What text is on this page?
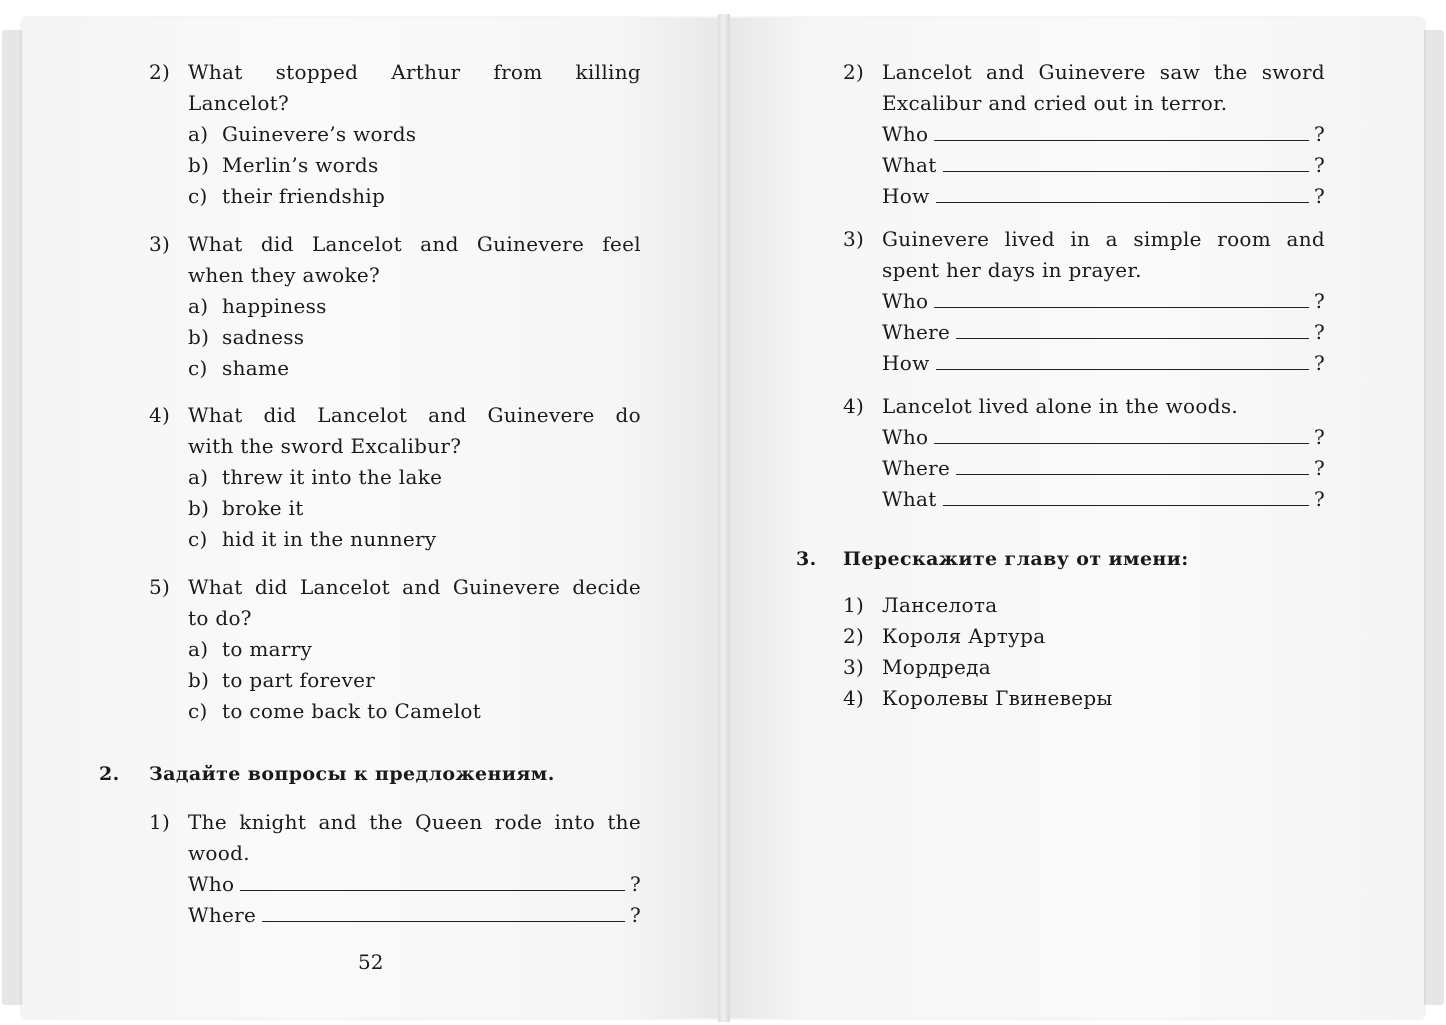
2) What stopped Arthur from killing
Lancelot?
a) Guinevere’s words
b) Merlin’s words
c) their friendship
3) What did Lancelot and Guinevere feel
when they awoke?
a) happiness
b) sadness
c) shame
4) What did Lancelot and Guinevere do
with the sword Excalibur?
a) threw it into the lake
b) broke it
c) hid it in the nunnery
5) What did Lancelot and Guinevere decide
to do?
a) to marry
b) to part forever
c) to come back to Camelot
2. Задайте вопросы к предложениям.
1) The knight and the Queen rode into the
wood.
Who	?
Where	?
52
2) Lancelot and Guinevere saw the sword
Excalibur and cried out in terror.
Who	?
What	?
How	?
3) Guinevere lived in a simple room and
spent her days in prayer.
Who	?
Where	?
How	?
4) Lancelot lived alone in the woods.
Who	?
Where	?
What	?
3. Перескажите главу от имени:
1) Ланселота
2) Короля Артура
3) Мордреда
4) Королевы Гвиневеры
